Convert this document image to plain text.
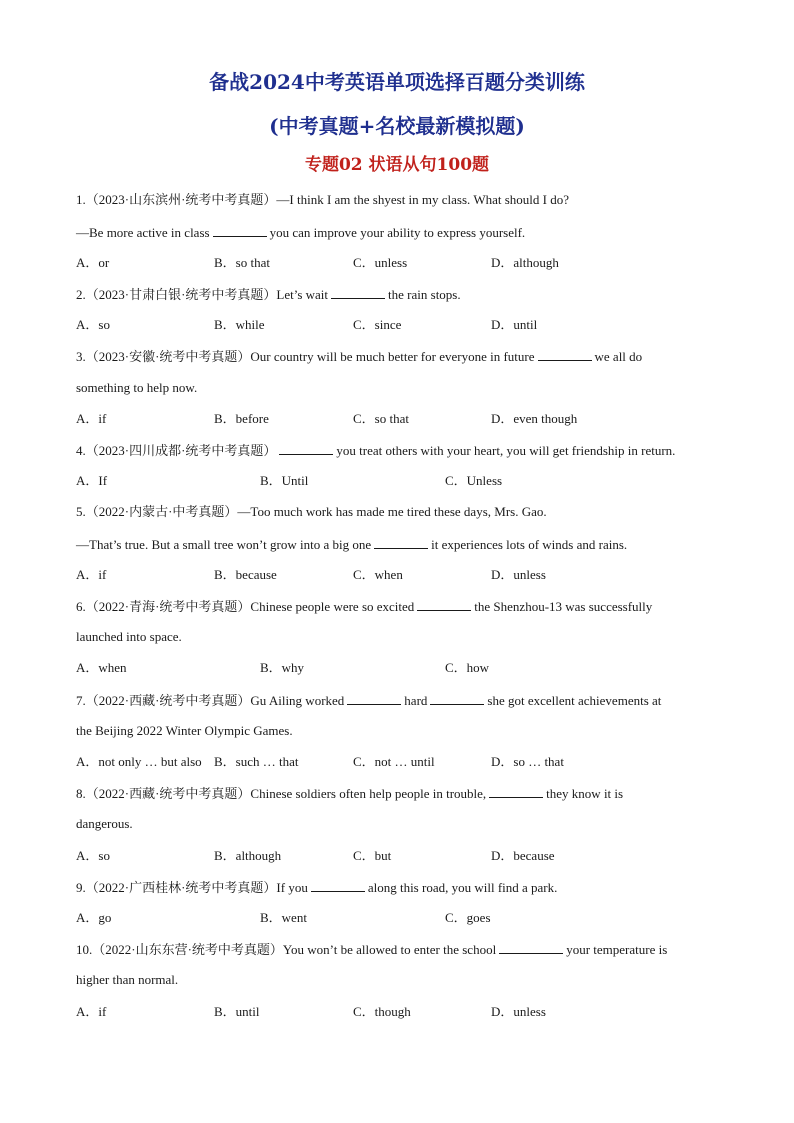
备战2024中考英语单项选择百题分类训练
(中考真题+名校最新模拟题)
专题02 状语从句100题
1.（2023·山东滨州·统考中考真题）—I think I am the shyest in my class. What should I do?
—Be more active in class	you can improve your ability to express yourself.
A．or	B．so that	C．unless	D．although
2.（2023·甘肃白银·统考中考真题）Let’s wait	the rain stops.
A．so	B．while	C．since	D．until
3.（2023·安徽·统考中考真题）Our country will be much better for everyone in future	we all do
something to help now.
A．if	B．before	C．so that	D．even though
4.（2023·四川成都·统考中考真题）	you treat others with your heart, you will get friendship in return.
A．If	B．Until	C．Unless
5.（2022·内蒙古·中考真题）—Too much work has made me tired these days, Mrs. Gao.
—That’s true. But a small tree won’t grow into a big one	it experiences lots of winds and rains.
A．if	B．because	C．when	D．unless
6.（2022·青海·统考中考真题）Chinese people were so excited	the Shenzhou-13 was successfully
launched into space.
A．when	B．why	C．how
7.（2022·西藏·统考中考真题）Gu Ailing worked	hard	she got excellent achievements at
the Beijing 2022 Winter Olympic Games.
A．not only … but also B．such … that	C．not … until	D．so … that
8.（2022·西藏·统考中考真题）Chinese soldiers often help people in trouble,	they know it is
dangerous.
A．so	B．although	C．but	D．because
9.（2022·广西桂林·统考中考真题）If you	along this road, you will find a park.
A．go	B．went	C．goes
10.（2022·山东东营·统考中考真题）You won’t be allowed to enter the school	your temperature is
higher than normal.
A．if	B．until	C．though	D．unless
